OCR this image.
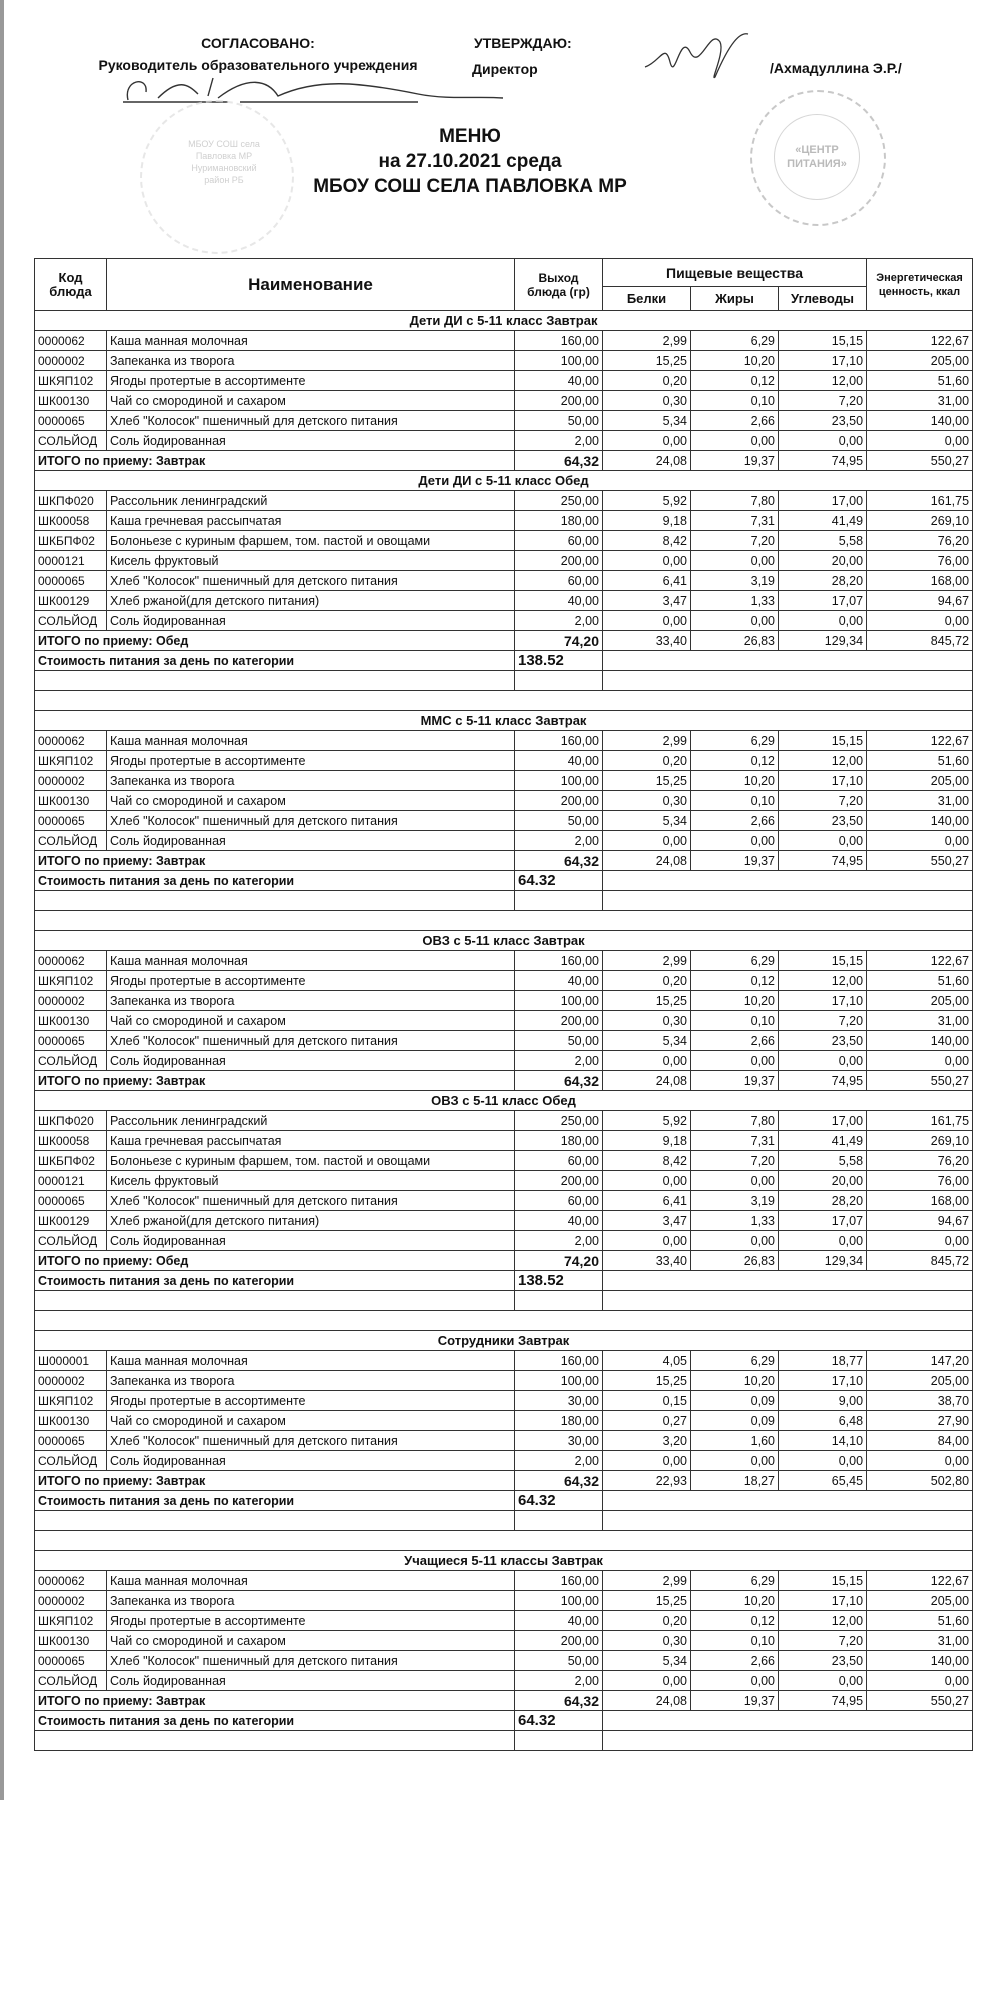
СОГЛАСОВАНО:
Руководитель образовательного учреждения
МБОУ СОШ села Павловка МР Нуримановский район РБ
УТВЕРЖДАЮ:
Директор	/Ахмадуллина Э.Р./
«ЦЕНТР ПИТАНИЯ»
МЕНЮ
на 27.10.2021 среда
МБОУ СОШ СЕЛА ПАВЛОВКА МР
Код блюда	Наименование	Выход блюда (гр)	Пищевые вещества			Энергетическая ценность, ккал
			Белки	Жиры	Углеводы	
Дети ДИ с 5-11 класс Завтрак						
0000062	Каша манная молочная	160,00	2,99	6,29	15,15	122,67
0000002	Запеканка из творога	100,00	15,25	10,20	17,10	205,00
ШКЯП102	Ягоды протертые в ассортименте	40,00	0,20	0,12	12,00	51,60
ШК00130	Чай со смородиной и сахаром	200,00	0,30	0,10	7,20	31,00
0000065	Хлеб "Колосок" пшеничный для детского питания	50,00	5,34	2,66	23,50	140,00
СОЛЬЙОД	Соль йодированная	2,00	0,00	0,00	0,00	0,00
ИТОГО по приему: Завтрак		64,32	24,08	19,37	74,95	550,27
Дети ДИ с 5-11 класс Обед						
ШКПФ020	Рассольник ленинградский	250,00	5,92	7,80	17,00	161,75
ШК00058	Каша гречневая рассыпчатая	180,00	9,18	7,31	41,49	269,10
ШКБПФ02	Болоньезе с куриным фаршем, том. пастой и овощами	60,00	8,42	7,20	5,58	76,20
0000121	Кисель фруктовый	200,00	0,00	0,00	20,00	76,00
0000065	Хлеб "Колосок" пшеничный для детского питания	60,00	6,41	3,19	28,20	168,00
ШК00129	Хлеб ржаной(для детского питания)	40,00	3,47	1,33	17,07	94,67
СОЛЬЙОД	Соль йодированная	2,00	0,00	0,00	0,00	0,00
ИТОГО по приему: Обед		74,20	33,40	26,83	129,34	845,72
Стоимость питания за день по категории		138.52				

ММС с 5-11 класс Завтрак						
0000062	Каша манная молочная	160,00	2,99	6,29	15,15	122,67
ШКЯП102	Ягоды протертые в ассортименте	40,00	0,20	0,12	12,00	51,60
0000002	Запеканка из творога	100,00	15,25	10,20	17,10	205,00
ШК00130	Чай со смородиной и сахаром	200,00	0,30	0,10	7,20	31,00
0000065	Хлеб "Колосок" пшеничный для детского питания	50,00	5,34	2,66	23,50	140,00
СОЛЬЙОД	Соль йодированная	2,00	0,00	0,00	0,00	0,00
ИТОГО по приему: Завтрак		64,32	24,08	19,37	74,95	550,27
Стоимость питания за день по категории		64.32				

ОВЗ с 5-11 класс Завтрак						
0000062	Каша манная молочная	160,00	2,99	6,29	15,15	122,67
ШКЯП102	Ягоды протертые в ассортименте	40,00	0,20	0,12	12,00	51,60
0000002	Запеканка из творога	100,00	15,25	10,20	17,10	205,00
ШК00130	Чай со смородиной и сахаром	200,00	0,30	0,10	7,20	31,00
0000065	Хлеб "Колосок" пшеничный для детского питания	50,00	5,34	2,66	23,50	140,00
СОЛЬЙОД	Соль йодированная	2,00	0,00	0,00	0,00	0,00
ИТОГО по приему: Завтрак		64,32	24,08	19,37	74,95	550,27
ОВЗ с 5-11 класс Обед						
ШКПФ020	Рассольник ленинградский	250,00	5,92	7,80	17,00	161,75
ШК00058	Каша гречневая рассыпчатая	180,00	9,18	7,31	41,49	269,10
ШКБПФ02	Болоньезе с куриным фаршем, том. пастой и овощами	60,00	8,42	7,20	5,58	76,20
0000121	Кисель фруктовый	200,00	0,00	0,00	20,00	76,00
0000065	Хлеб "Колосок" пшеничный для детского питания	60,00	6,41	3,19	28,20	168,00
ШК00129	Хлеб ржаной(для детского питания)	40,00	3,47	1,33	17,07	94,67
СОЛЬЙОД	Соль йодированная	2,00	0,00	0,00	0,00	0,00
ИТОГО по приему: Обед		74,20	33,40	26,83	129,34	845,72
Стоимость питания за день по категории		138.52				

Сотрудники Завтрак						
Ш000001	Каша манная молочная	160,00	4,05	6,29	18,77	147,20
0000002	Запеканка из творога	100,00	15,25	10,20	17,10	205,00
ШКЯП102	Ягоды протертые в ассортименте	30,00	0,15	0,09	9,00	38,70
ШК00130	Чай со смородиной и сахаром	180,00	0,27	0,09	6,48	27,90
0000065	Хлеб "Колосок" пшеничный для детского питания	30,00	3,20	1,60	14,10	84,00
СОЛЬЙОД	Соль йодированная	2,00	0,00	0,00	0,00	0,00
ИТОГО по приему: Завтрак		64,32	22,93	18,27	65,45	502,80
Стоимость питания за день по категории		64.32				

Учащиеся 5-11 классы Завтрак						
0000062	Каша манная молочная	160,00	2,99	6,29	15,15	122,67
0000002	Запеканка из творога	100,00	15,25	10,20	17,10	205,00
ШКЯП102	Ягоды протертые в ассортименте	40,00	0,20	0,12	12,00	51,60
ШК00130	Чай со смородиной и сахаром	200,00	0,30	0,10	7,20	31,00
0000065	Хлеб "Колосок" пшеничный для детского питания	50,00	5,34	2,66	23,50	140,00
СОЛЬЙОД	Соль йодированная	2,00	0,00	0,00	0,00	0,00
ИТОГО по приему: Завтрак		64,32	24,08	19,37	74,95	550,27
Стоимость питания за день по категории		64.32				
